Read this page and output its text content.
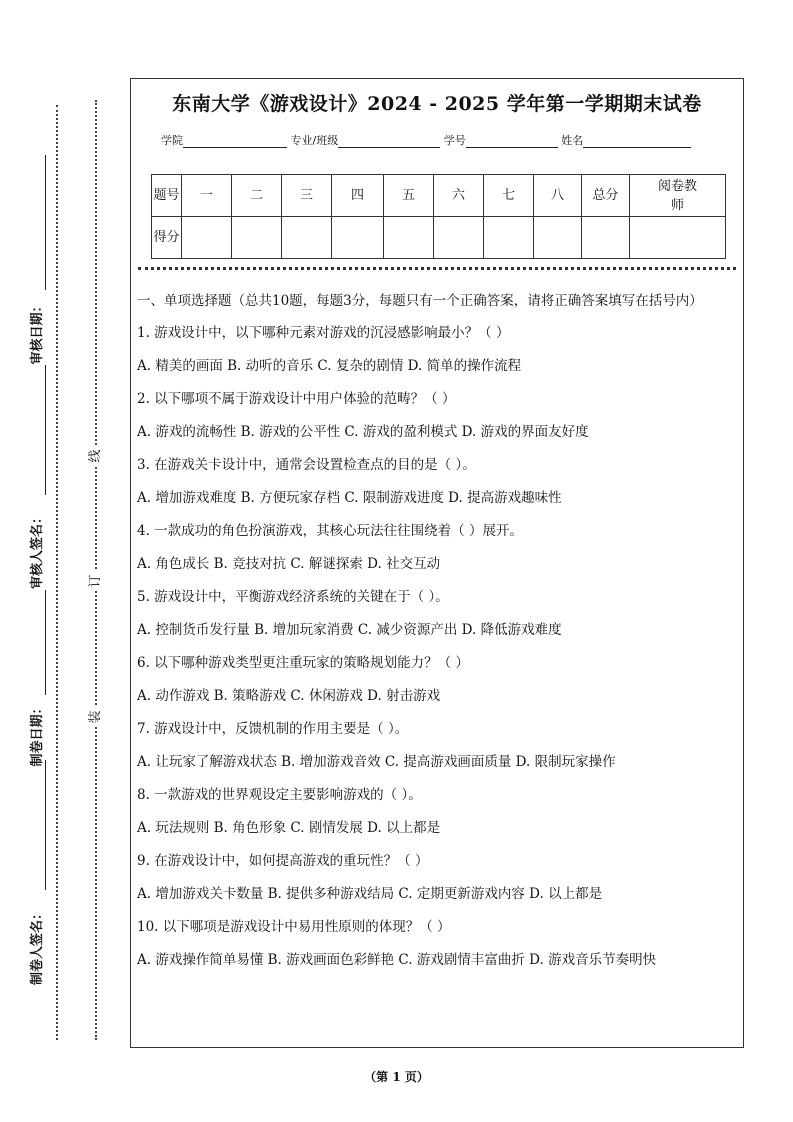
审核日期：
审核人签名：
制卷日期：
制卷人签名：
线
订
装
东南大学《游戏设计》2024 - 2025 学年第一学期期末试卷
学院	专业/班级	学号	姓名
题号	一	二	三	四	五	六	七	八	总分	阅卷教师
得分										

一、单项选择题（总共10题，每题3分，每题只有一个正确答案，请将正确答案填写在括号内）

1. 游戏设计中，以下哪种元素对游戏的沉浸感影响最小？（ ）

A. 精美的画面 B. 动听的音乐 C. 复杂的剧情 D. 简单的操作流程

2. 以下哪项不属于游戏设计中用户体验的范畴？（ ）

A. 游戏的流畅性 B. 游戏的公平性 C. 游戏的盈利模式 D. 游戏的界面友好度

3. 在游戏关卡设计中，通常会设置检查点的目的是（ ）。

A. 增加游戏难度 B. 方便玩家存档 C. 限制游戏进度 D. 提高游戏趣味性

4. 一款成功的角色扮演游戏，其核心玩法往往围绕着（ ）展开。

A. 角色成长 B. 竞技对抗 C. 解谜探索 D. 社交互动

5. 游戏设计中，平衡游戏经济系统的关键在于（ ）。

A. 控制货币发行量 B. 增加玩家消费 C. 减少资源产出 D. 降低游戏难度

6. 以下哪种游戏类型更注重玩家的策略规划能力？（ ）

A. 动作游戏 B. 策略游戏 C. 休闲游戏 D. 射击游戏

7. 游戏设计中，反馈机制的作用主要是（ ）。

A. 让玩家了解游戏状态 B. 增加游戏音效 C. 提高游戏画面质量 D. 限制玩家操作

8. 一款游戏的世界观设定主要影响游戏的（ ）。

A. 玩法规则 B. 角色形象 C. 剧情发展 D. 以上都是

9. 在游戏设计中，如何提高游戏的重玩性？（ ）

A. 增加游戏关卡数量 B. 提供多种游戏结局 C. 定期更新游戏内容 D. 以上都是

10. 以下哪项是游戏设计中易用性原则的体现？（ ）

A. 游戏操作简单易懂 B. 游戏画面色彩鲜艳 C. 游戏剧情丰富曲折 D. 游戏音乐节奏明快

（第 1 页）
